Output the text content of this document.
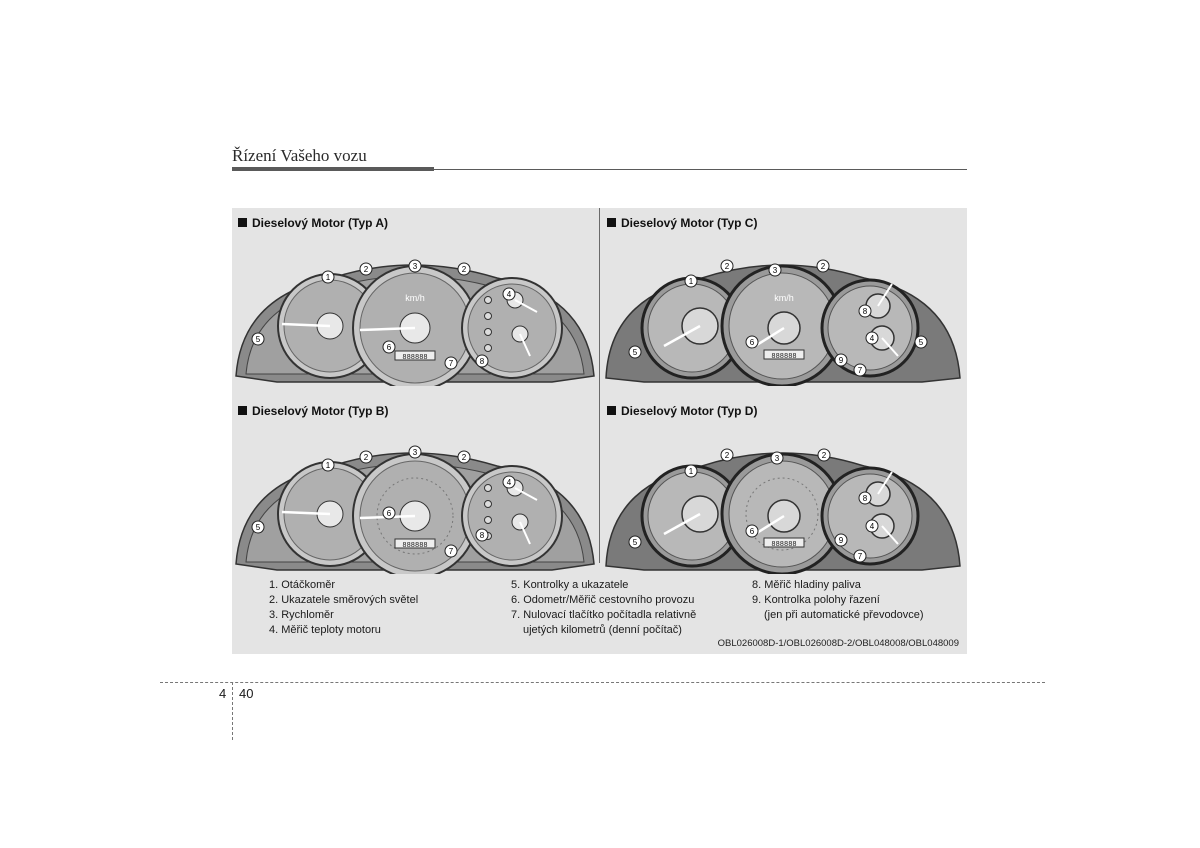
Řízení Vašeho vozu
Dieselový Motor (Typ A)	Dieselový Motor (Typ C)
Dieselový Motor (Typ B)	Dieselový Motor (Typ D)
km/h
888888
1
2	3	2
4
5
6
7	8
km/h
888888
1
2	3	2
8
4
5
6
9
7
5
888888
1
2
3
2
4
5
6
7
8
888888
1
2	3	2
8
4
5
6
9
7
1. Otáčkoměr
2. Ukazatele směrových světel
3. Rychloměr
4. Měřič teploty motoru
5. Kontrolky a ukazatele
6. Odometr/Měřič cestovního provozu
7. Nulovací tlačítko počítadla relativně
ujetých kilometrů (denní počítač)
8. Měřič hladiny paliva
9. Kontrolka polohy řazení
(jen při automatické převodovce)
OBL026008D-1/OBL026008D-2/OBL048008/OBL048009
4 40
